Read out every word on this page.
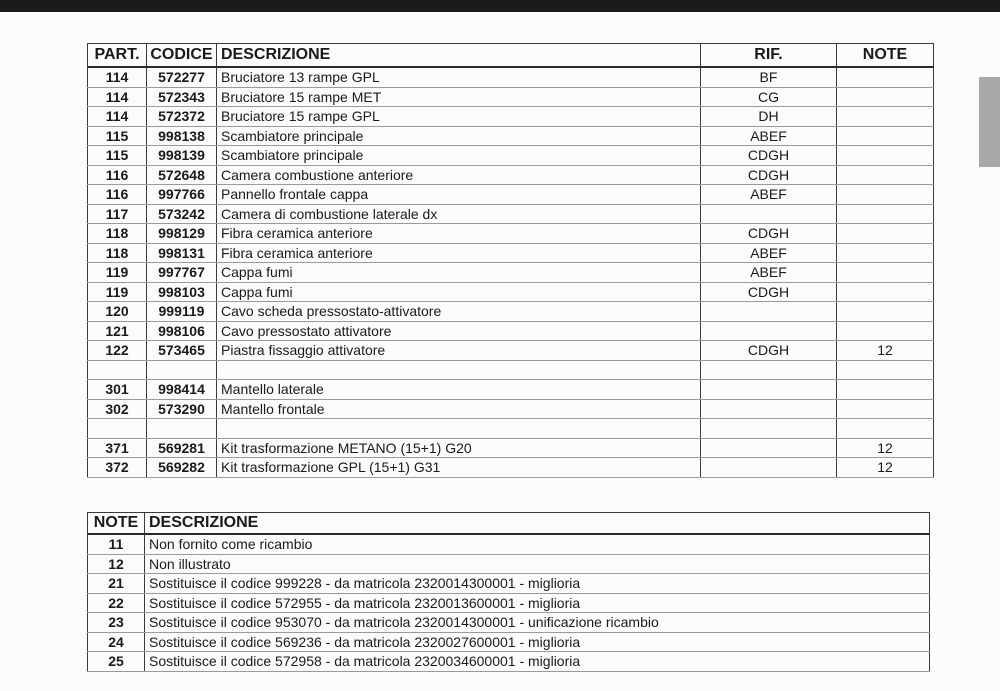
PART.	CODICE	DESCRIZIONE	RIF.	NOTE
114	572277	Bruciatore 13 rampe GPL	BF	
114	572343	Bruciatore 15 rampe MET	CG	
114	572372	Bruciatore 15 rampe GPL	DH	
115	998138	Scambiatore principale	ABEF	
115	998139	Scambiatore principale	CDGH	
116	572648	Camera combustione anteriore	CDGH	
116	997766	Pannello frontale cappa	ABEF	
117	573242	Camera di combustione laterale dx		
118	998129	Fibra ceramica anteriore	CDGH	
118	998131	Fibra ceramica anteriore	ABEF	
119	997767	Cappa fumi	ABEF	
119	998103	Cappa fumi	CDGH	
120	999119	Cavo scheda pressostato-attivatore		
121	998106	Cavo pressostato attivatore		
122	573465	Piastra fissaggio attivatore	CDGH	12

301	998414	Mantello laterale		
302	573290	Mantello frontale		

371	569281	Kit trasformazione METANO (15+1) G20		12
372	569282	Kit trasformazione GPL (15+1) G31		12
NOTE	DESCRIZIONE
11	Non fornito come ricambio
12	Non illustrato
21	Sostituisce il codice 999228 - da matricola 2320014300001 - miglioria
22	Sostituisce il codice 572955 - da matricola 2320013600001 - miglioria
23	Sostituisce il codice 953070 - da matricola 2320014300001 - unificazione ricambio
24	Sostituisce il codice 569236 - da matricola 2320027600001 - miglioria
25	Sostituisce il codice 572958 - da matricola 2320034600001 - miglioria
